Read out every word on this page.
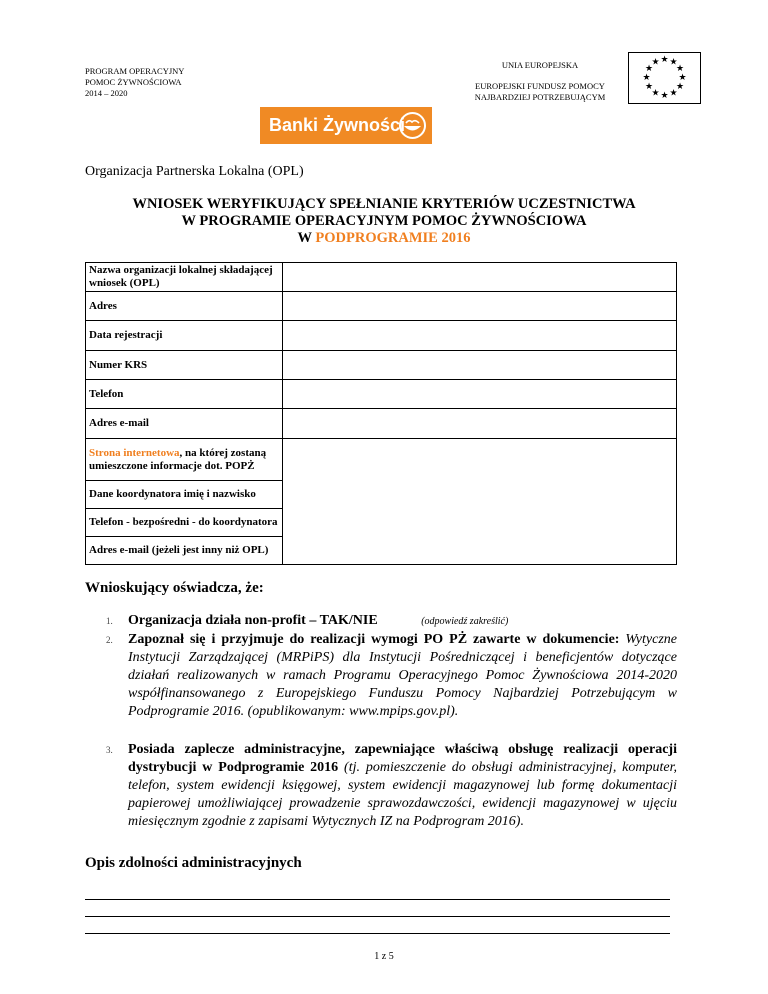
PROGRAM OPERACYJNY
POMOC ŻYWNOŚCIOWA
2014 – 2020
UNIA EUROPEJSKA
EUROPEJSKI FUNDUSZ POMOCY
NAJBARDZIEJ POTRZEBUJĄCYM
★ ★
★
★
★
★
★
★
★
★
★
★
Banki Żywności
Organizacja Partnerska Lokalna (OPL)
WNIOSEK WERYFIKUJĄCY SPEŁNIANIE KRYTERIÓW UCZESTNICTWA
W PROGRAMIE OPERACYJNYM POMOC ŻYWNOŚCIOWA
W PODPROGRAMIE 2016
Nazwa organizacji lokalnej składającej wniosek (OPL)	
Adres	
Data rejestracji	
Numer KRS	
Telefon	
Adres e-mail	
Strona internetowa, na której zostaną umieszczone informacje dot. POPŻ	
Dane koordynatora imię i nazwisko	
Telefon - bezpośredni - do koordynatora	
Adres e-mail (jeżeli jest inny niż OPL)	
Wnioskujący oświadcza, że:
1. Organizacja działa non-profit – TAK/NIE	(odpowiedź zakreślić)
2. Zapoznał się i przyjmuje do realizacji wymogi PO PŻ zawarte w dokumencie: Wytyczne Instytucji Zarządzającej (MRPiPS) dla Instytucji Pośredniczącej i beneficjentów dotyczące działań realizowanych w ramach Programu Operacyjnego Pomoc Żywnościowa 2014-2020 współfinansowanego z Europejskiego Funduszu Pomocy Najbardziej Potrzebującym w Podprogramie 2016. (opublikowanym: www.mpips.gov.pl).
3. Posiada zaplecze administracyjne, zapewniające właściwą obsługę realizacji operacji dystrybucji w Podprogramie 2016 (tj. pomieszczenie do obsługi administracyjnej, komputer, telefon, system ewidencji księgowej, system ewidencji magazynowej lub formę dokumentacji papierowej umożliwiającej prowadzenie sprawozdawczości, ewidencji magazynowej w ujęciu miesięcznym zgodnie z zapisami Wytycznych IZ na Podprogram 2016).
Opis zdolności administracyjnych
1 z 5
